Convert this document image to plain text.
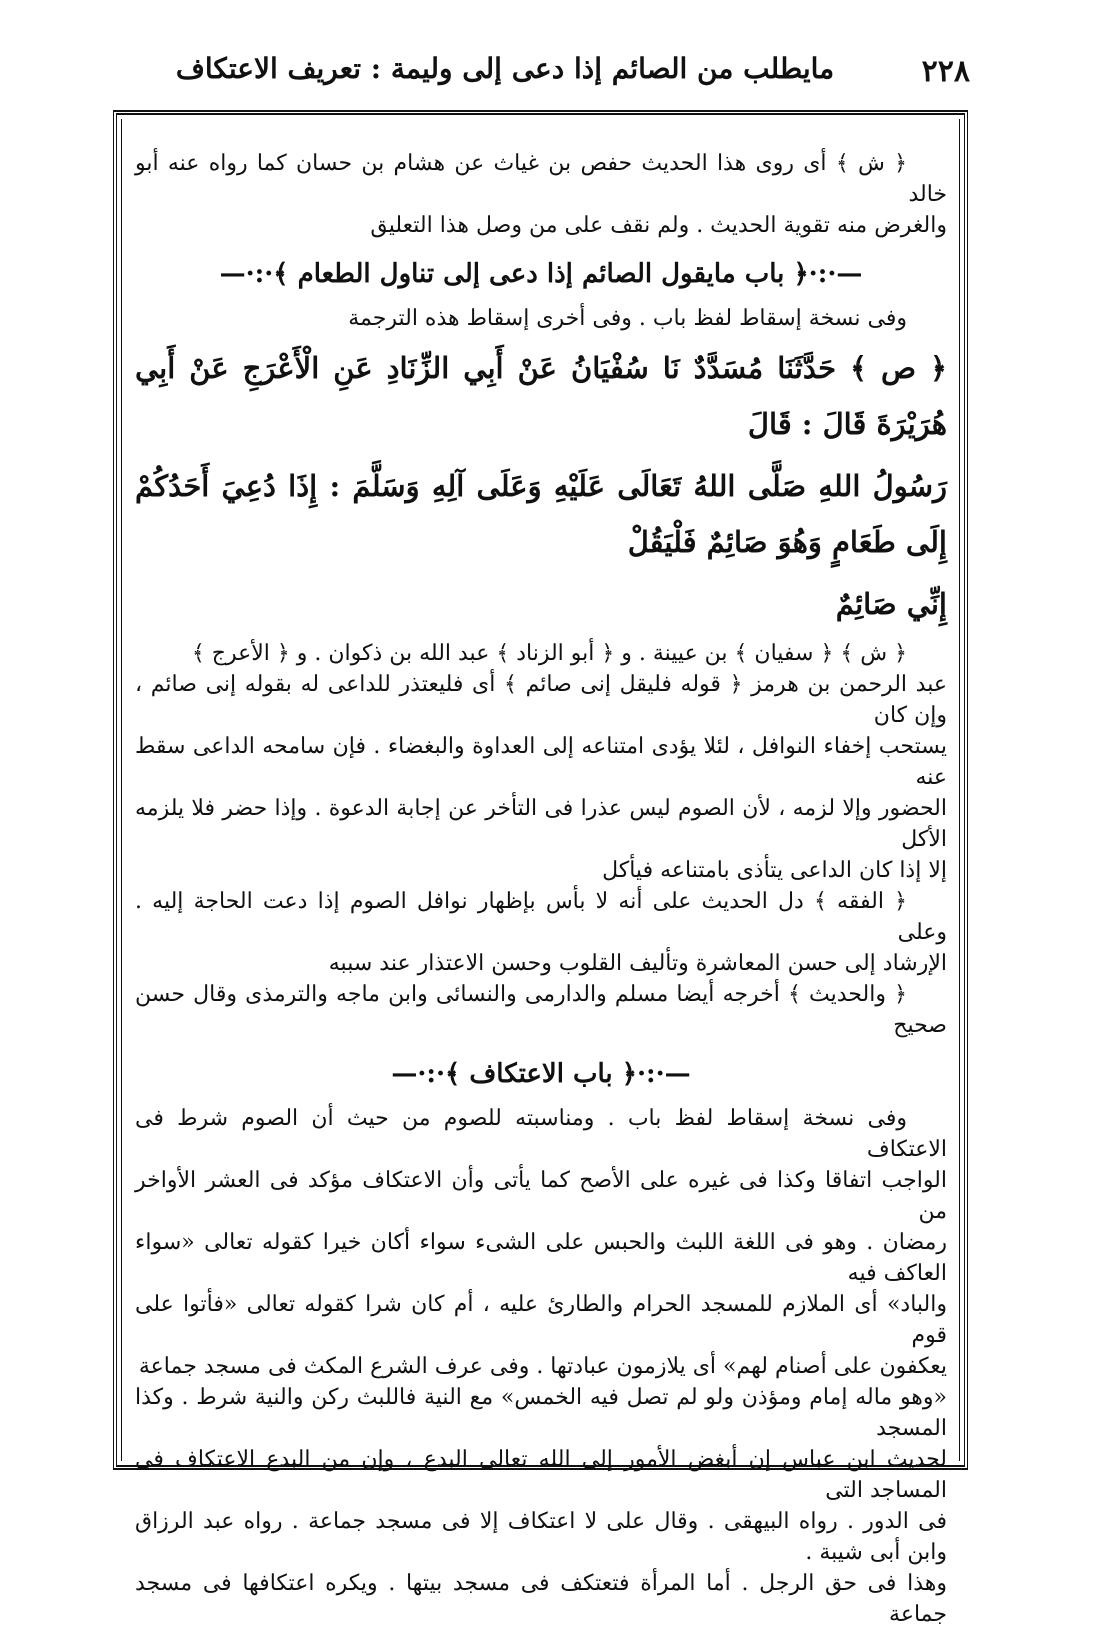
٢٢٨
مايطلب من الصائم إذا دعى إلى وليمة : تعريف الاعتكاف

﴿ ش ﴾ أى روى هذا الحديث حفص بن غياث عن هشام بن حسان كما رواه عنه أبو خالد

والغرض منه تقوية الحديث . ولم نقف على من وصل هذا التعليق

—·:·﴿ باب مايقول الصائم إذا دعى إلى تناول الطعام ﴾·:·—

وفى نسخة إسقاط لفظ باب . وفى أخرى إسقاط هذه الترجمة

﴿ ص ﴾ حَدَّثَنَا مُسَدَّدٌ نَا سُفْيَانُ عَنْ أَبِي الزِّنَادِ عَنِ الْأَعْرَجِ عَنْ أَبِي هُرَيْرَةَ قَالَ : قَالَ

رَسُولُ اللهِ صَلَّى اللهُ تَعَالَى عَلَيْهِ وَعَلَى آلِهِ وَسَلَّمَ : إِذَا دُعِيَ أَحَدُكُمْ إِلَى طَعَامٍ وَهُوَ صَائِمٌ فَلْيَقُلْ

إِنِّي صَائِمٌ

﴿ ش ﴾ ﴿ سفيان ﴾ بن عيينة . و ﴿ أبو الزناد ﴾ عبد الله بن ذكوان . و ﴿ الأعرج ﴾

عبد الرحمن بن هرمز ﴿ قوله فليقل إنى صائم ﴾ أى فليعتذر للداعى له بقوله إنى صائم ، وإن كان

يستحب إخفاء النوافل ، لئلا يؤدى امتناعه إلى العداوة والبغضاء . فإن سامحه الداعى سقط عنه

الحضور وإلا لزمه ، لأن الصوم ليس عذرا فى التأخر عن إجابة الدعوة . وإذا حضر فلا يلزمه الأكل

إلا إذا كان الداعى يتأذى بامتناعه فيأكل

﴿ الفقه ﴾ دل الحديث على أنه لا بأس بإظهار نوافل الصوم إذا دعت الحاجة إليه . وعلى

الإرشاد إلى حسن المعاشرة وتأليف القلوب وحسن الاعتذار عند سببه

﴿ والحديث ﴾ أخرجه أيضا مسلم والدارمى والنسائى وابن ماجه والترمذى وقال حسن صحيح

—·:·﴿ باب الاعتكاف ﴾·:·—

وفى نسخة إسقاط لفظ باب . ومناسبته للصوم من حيث أن الصوم شرط فى الاعتكاف

الواجب اتفاقا وكذا فى غيره على الأصح كما يأتى وأن الاعتكاف مؤكد فى العشر الأواخر من

رمضان . وهو فى اللغة اللبث والحبس على الشىء سواء أكان خيرا كقوله تعالى «سواء العاكف فيه

والباد» أى الملازم للمسجد الحرام والطارئ عليه ، أم كان شرا كقوله تعالى «فأتوا على قوم

يعكفون على أصنام لهم» أى يلازمون عبادتها . وفى عرف الشرع المكث فى مسجد جماعة

«وهو ماله إمام ومؤذن ولو لم تصل فيه الخمس» مع النية فاللبث ركن والنية شرط . وكذا المسجد

لحديث ابن عباس إن أبغض الأمور إلى الله تعالى البدع ، وإن من البدع الاعتكاف فى المساجد التى

فى الدور . رواه البيهقى . وقال على لا اعتكاف إلا فى مسجد جماعة . رواه عبد الرزاق وابن أبى شيبة .

وهذا فى حق الرجل . أما المرأة فتعتكف فى مسجد بيتها . ويكره اعتكافها فى مسجد جماعة
